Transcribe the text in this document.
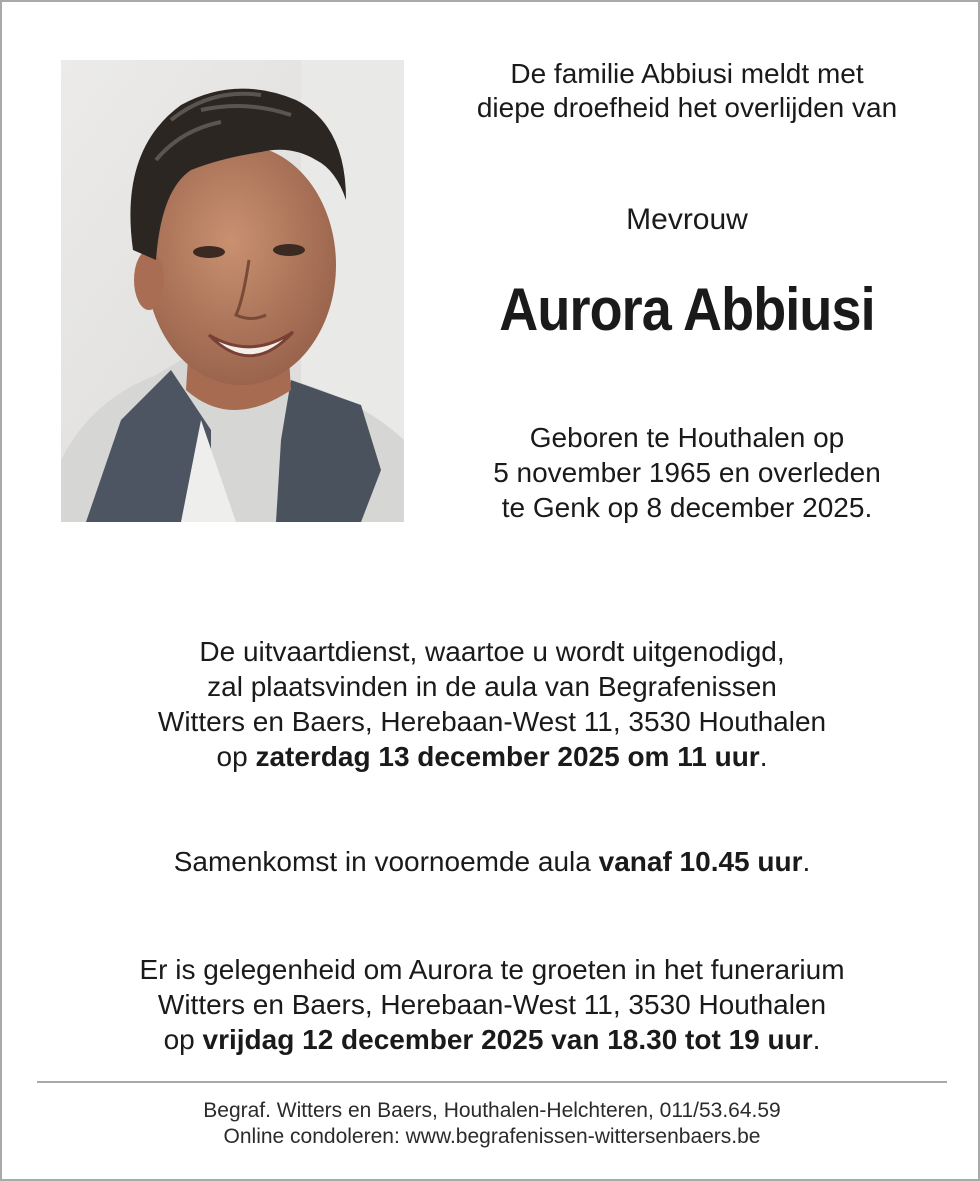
De familie Abbiusi meldt met
diepe droefheid het overlijden van
Mevrouw
Aurora Abbiusi
Geboren te Houthalen op
5 november 1965 en overleden
te Genk op 8 december 2025.
De uitvaartdienst, waartoe u wordt uitgenodigd,
zal plaatsvinden in de aula van Begrafenissen
Witters en Baers, Herebaan-West 11, 3530 Houthalen
op zaterdag 13 december 2025 om 11 uur.
Samenkomst in voornoemde aula vanaf 10.45 uur.
Er is gelegenheid om Aurora te groeten in het funerarium
Witters en Baers, Herebaan-West 11, 3530 Houthalen
op vrijdag 12 december 2025 van 18.30 tot 19 uur.
Begraf. Witters en Baers, Houthalen-Helchteren, 011/53.64.59
Online condoleren: www.begrafenissen-wittersenbaers.be
